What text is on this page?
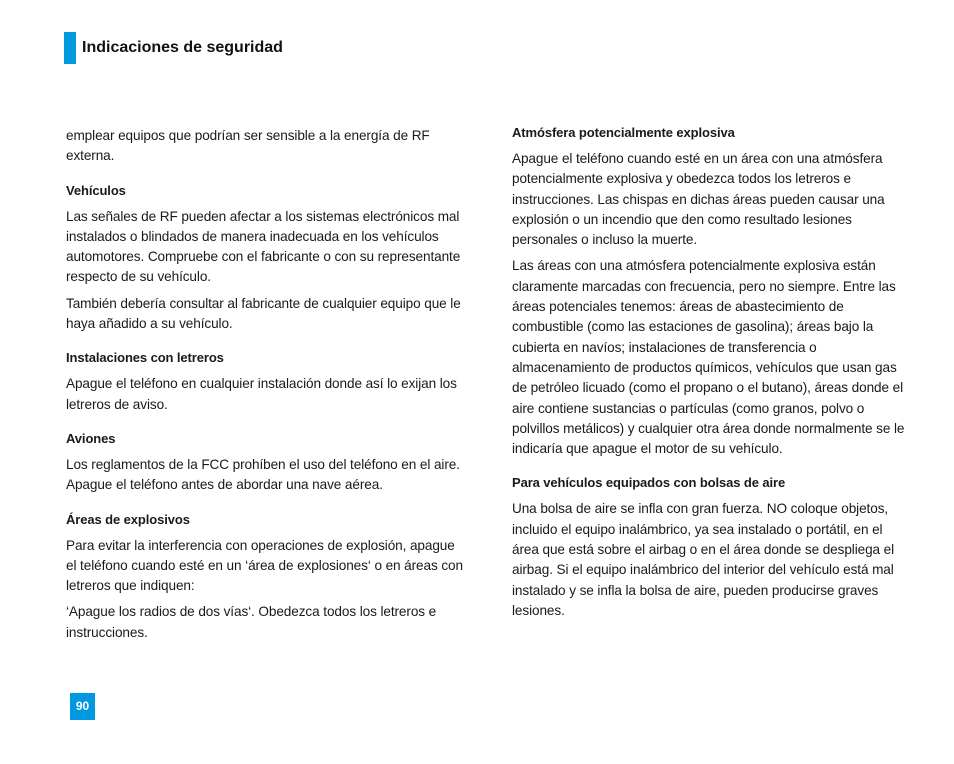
Indicaciones de seguridad

emplear equipos que podrían ser sensible a la energía de RF externa.

Vehículos

Las señales de RF pueden afectar a los sistemas electrónicos mal instalados o blindados de manera inadecuada en los vehículos automotores. Compruebe con el fabricante o con su representante respecto de su vehículo.

También debería consultar al fabricante de cualquier equipo que le haya añadido a su vehículo.

Instalaciones con letreros

Apague el teléfono en cualquier instalación donde así lo exijan los letreros de aviso.

Aviones

Los reglamentos de la FCC prohíben el uso del teléfono en el aire. Apague el teléfono antes de abordar una nave aérea.

Áreas de explosivos

Para evitar la interferencia con operaciones de explosión, apague el teléfono cuando esté en un ‘área de explosiones‘ o en áreas con letreros que indiquen:

‘Apague los radios de dos vías‘. Obedezca todos los letreros e instrucciones.

Atmósfera potencialmente explosiva

Apague el teléfono cuando esté en un área con una atmósfera potencialmente explosiva y obedezca todos los letreros e instrucciones. Las chispas en dichas áreas pueden causar una explosión o un incendio que den como resultado lesiones personales o incluso la muerte.

Las áreas con una atmósfera potencialmente explosiva están claramente marcadas con frecuencia, pero no siempre. Entre las áreas potenciales tenemos: áreas de abastecimiento de combustible (como las estaciones de gasolina); áreas bajo la cubierta en navíos; instalaciones de transferencia o almacenamiento de productos químicos, vehículos que usan gas de petróleo licuado (como el propano o el butano), áreas donde el aire contiene sustancias o partículas (como granos, polvo o polvillos metálicos) y cualquier otra área donde normalmente se le indicaría que apague el motor de su vehículo.

Para vehículos equipados con bolsas de aire

Una bolsa de aire se infla con gran fuerza. NO coloque objetos, incluido el equipo inalámbrico, ya sea instalado o portátil, en el área que está sobre el airbag o en el área donde se despliega el airbag. Si el equipo inalámbrico del interior del vehículo está mal instalado y se infla la bolsa de aire, pueden producirse graves lesiones.

90
